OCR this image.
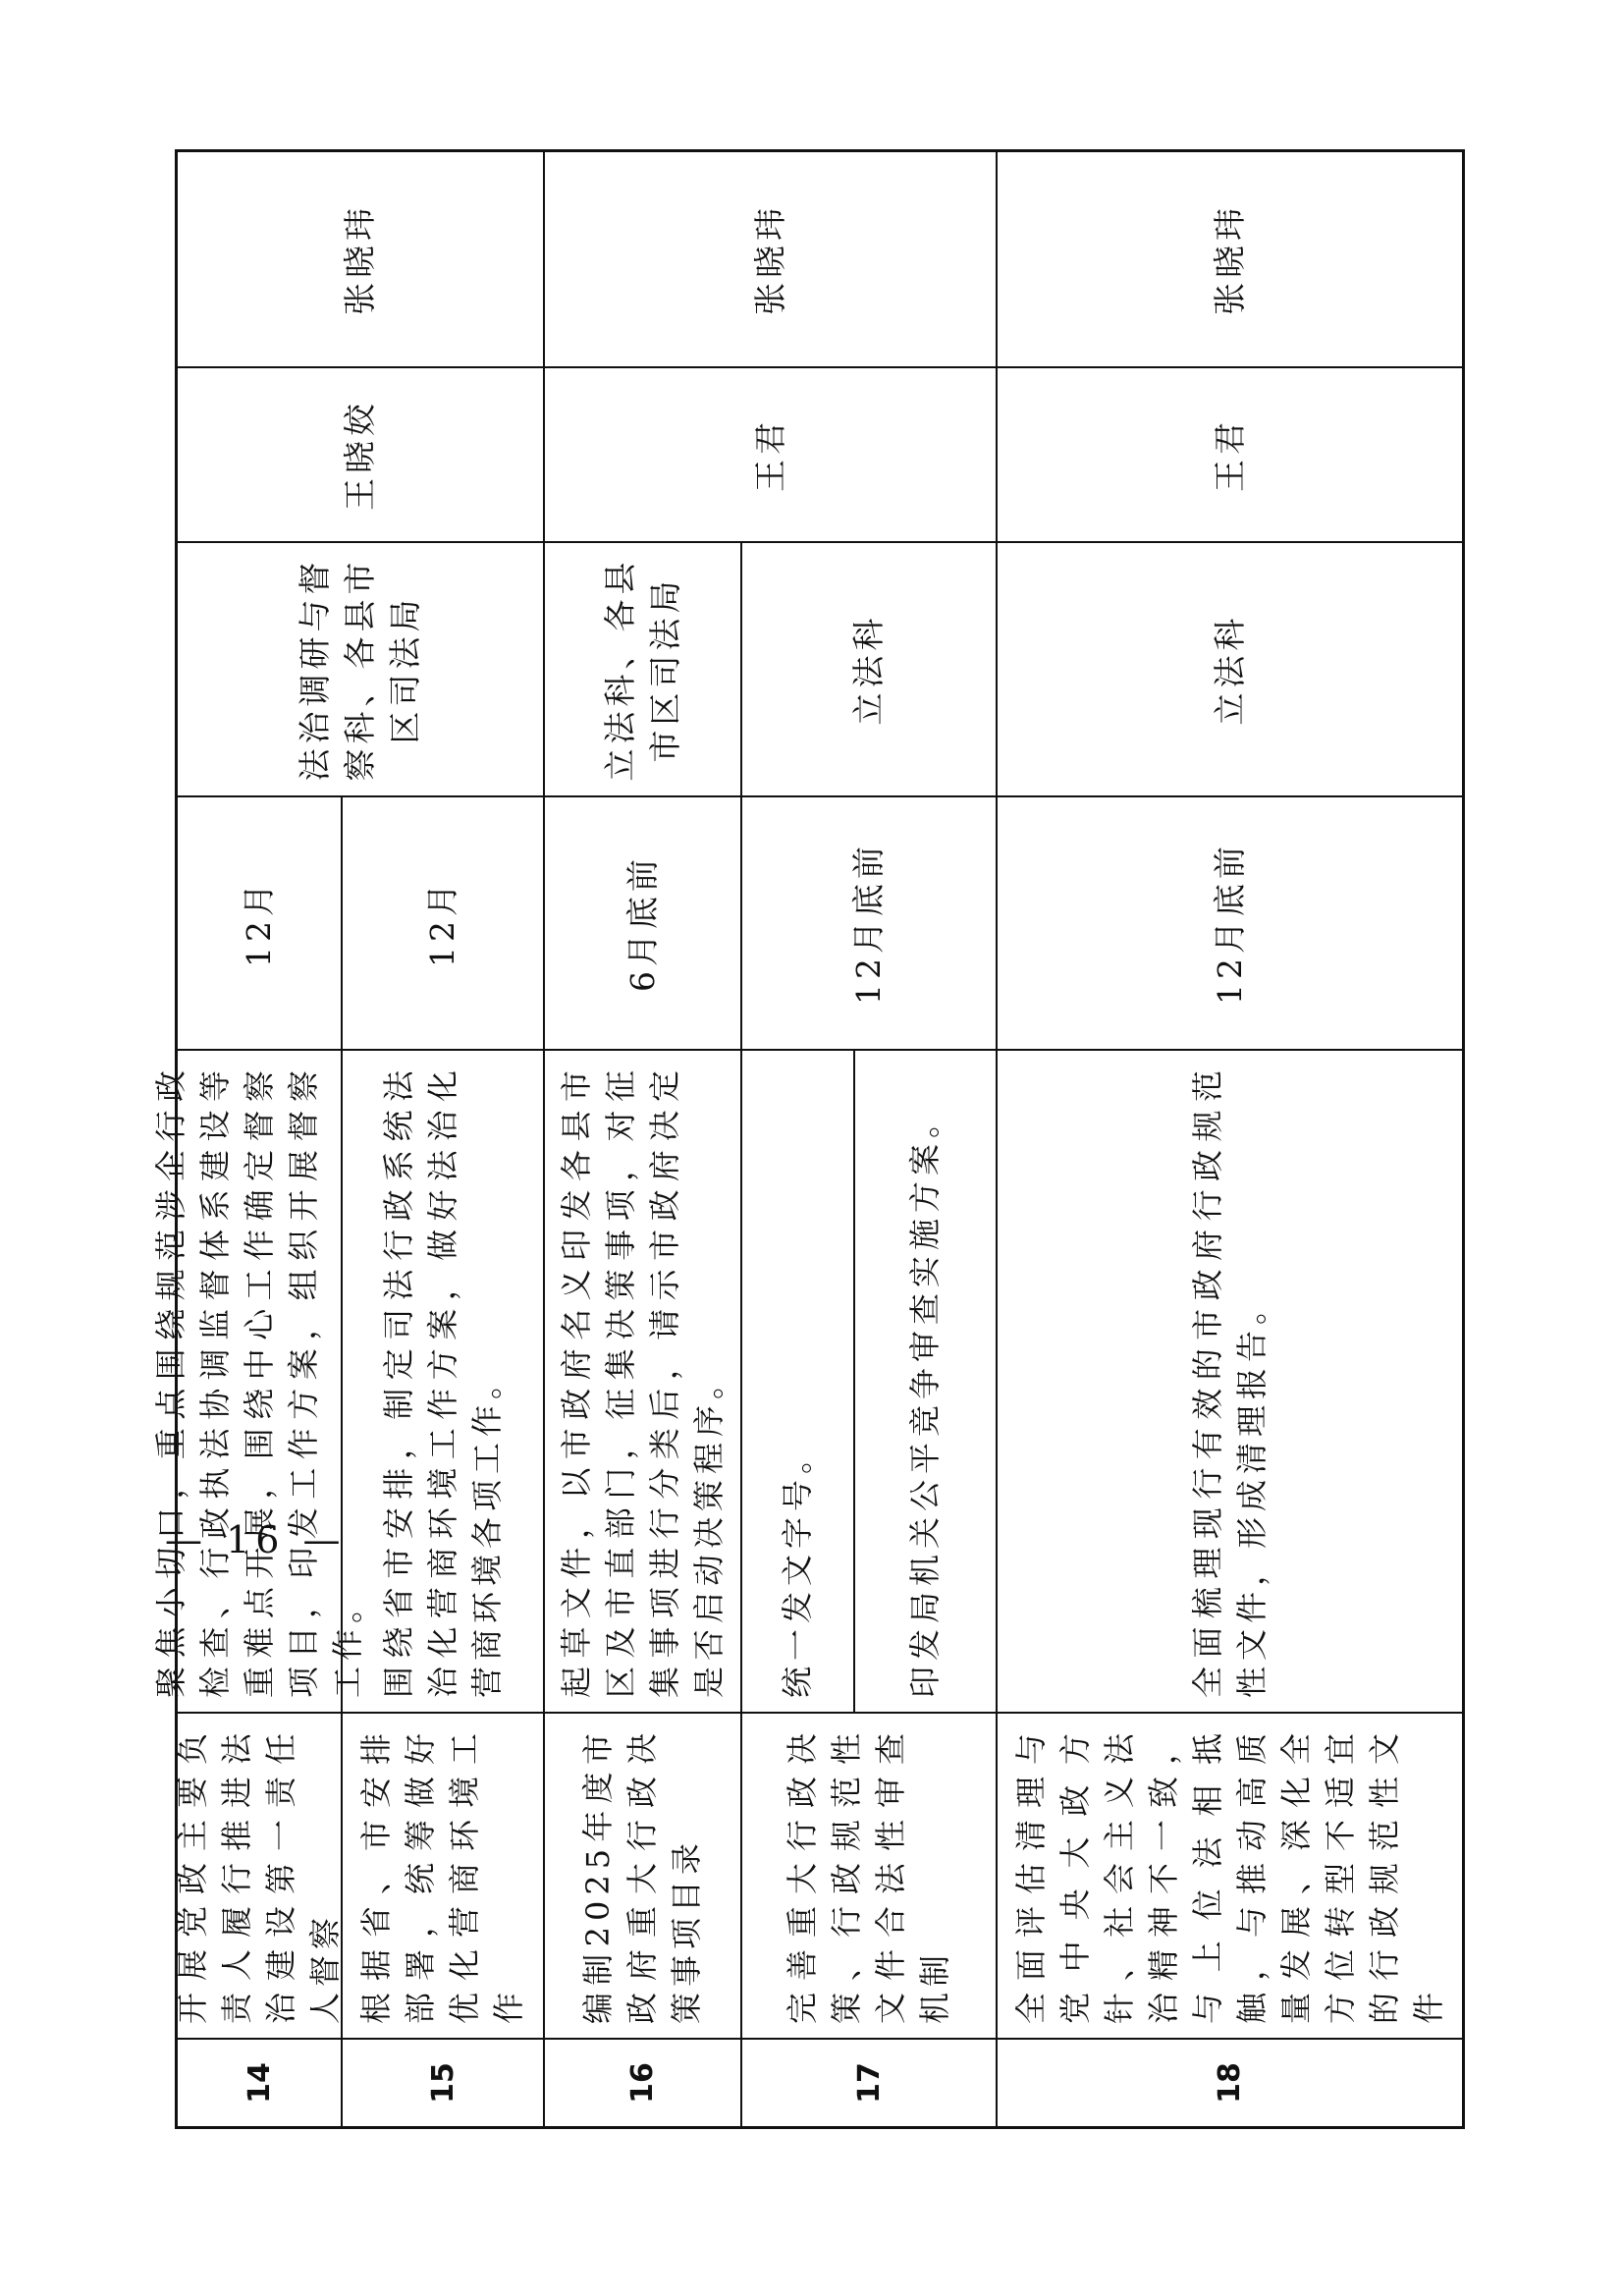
14
开展党政主要负责人履行推进法治建设第一责任人督察
聚焦小切口，重点围绕规范涉企行政检查、行政执法协调监督体系建设等重难点开展，围绕中心工作确定督察项目，印发工作方案，组织开展督察工作。
12月
15
根据省、市安排部署，统筹做好优化营商环境工作
围绕省市安排，制定司法行政系统法治化营商环境工作方案，做好法治化营商环境各项工作。
12月
法治调研与督察科、各县市区司法局
王晓姣
张晓玮
16
编制2025年度市政府重大行政决策事项目录
起草文件，以市政府名义印发各县市区及市直部门，征集决策事项，对征集事项进行分类后，请示市政府决定是否启动决策程序。
6月底前
立法科、各县市区司法局
17
完善重大行政决策、行政规范性文件合法性审查机制
统一发文字号。	印发局机关公平竞争审查实施方案。
12月底前
立法科
王君
张晓玮
18
全面评估清理与党中央大政方针、社会主义法治精神不一致，与上位法相抵触，与推动高质量发展、深化全方位转型不适宜的行政规范性文件
全面梳理现行有效的市政府行政规范性文件，形成清理报告。
12月底前
立法科
王君
张晓玮
— 16 —
